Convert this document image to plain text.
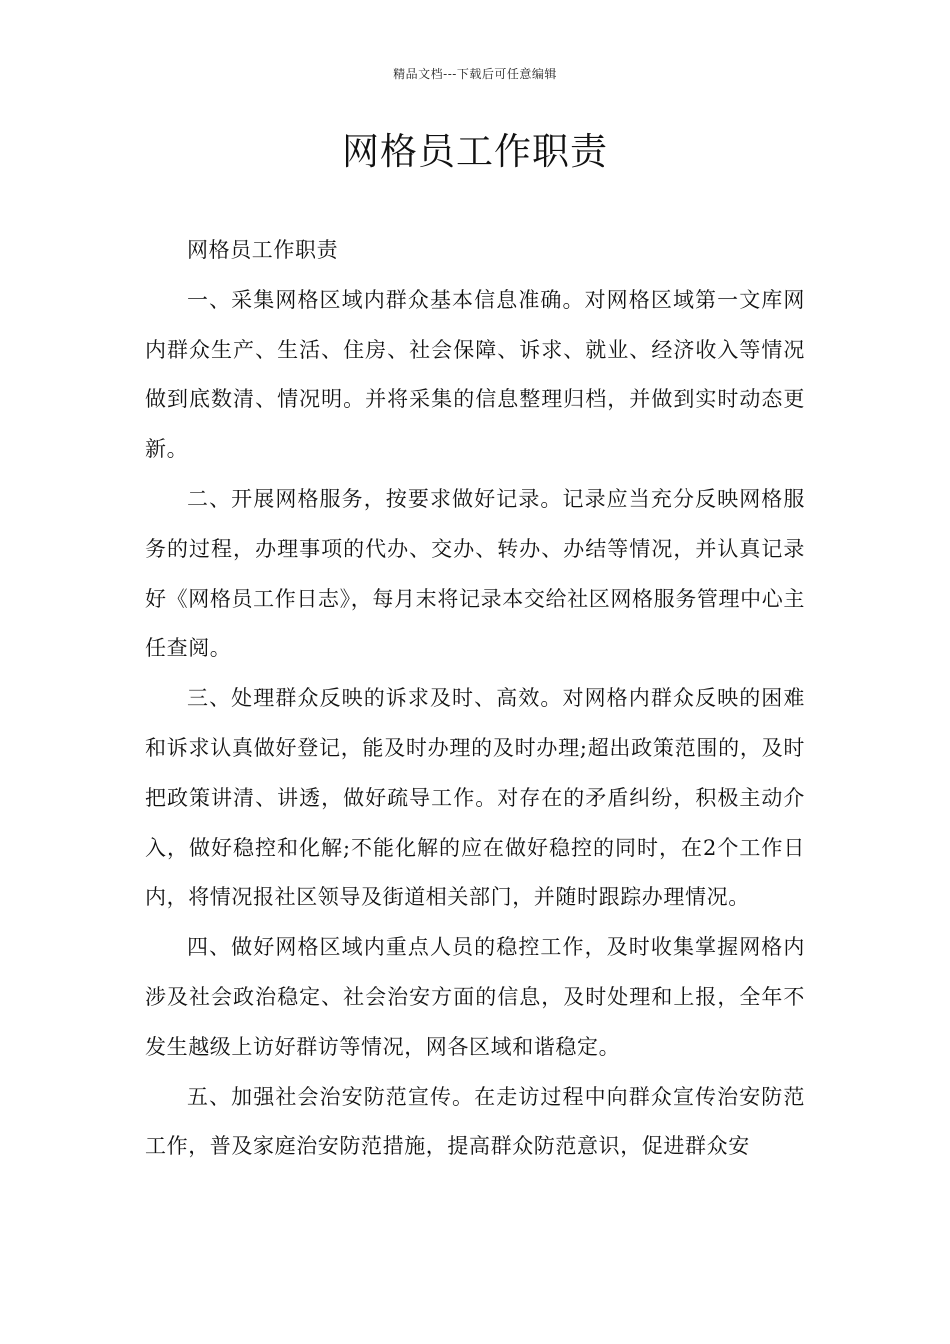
精品文档---下载后可任意编辑
网格员工作职责

网格员工作职责

一、采集网格区域内群众基本信息准确。对网格区域第一文库网内群众生产、生活、住房、社会保障、诉求、就业、经济收入等情况做到底数清、情况明。并将采集的信息整理归档，并做到实时动态更新。

二、开展网格服务，按要求做好记录。记录应当充分反映网格服务的过程，办理事项的代办、交办、转办、办结等情况，并认真记录好《网格员工作日志》，每月末将记录本交给社区网格服务管理中心主任查阅。

三、处理群众反映的诉求及时、高效。对网格内群众反映的困难和诉求认真做好登记，能及时办理的及时办理;超出政策范围的，及时把政策讲清、讲透，做好疏导工作。对存在的矛盾纠纷，积极主动介入，做好稳控和化解;不能化解的应在做好稳控的同时，在2个工作日内，将情况报社区领导及街道相关部门，并随时跟踪办理情况。

四、做好网格区域内重点人员的稳控工作，及时收集掌握网格内涉及社会政治稳定、社会治安方面的信息，及时处理和上报，全年不发生越级上访好群访等情况，网各区域和谐稳定。

五、加强社会治安防范宣传。在走访过程中向群众宣传治安防范工作，普及家庭治安防范措施，提高群众防范意识，促进群众安
